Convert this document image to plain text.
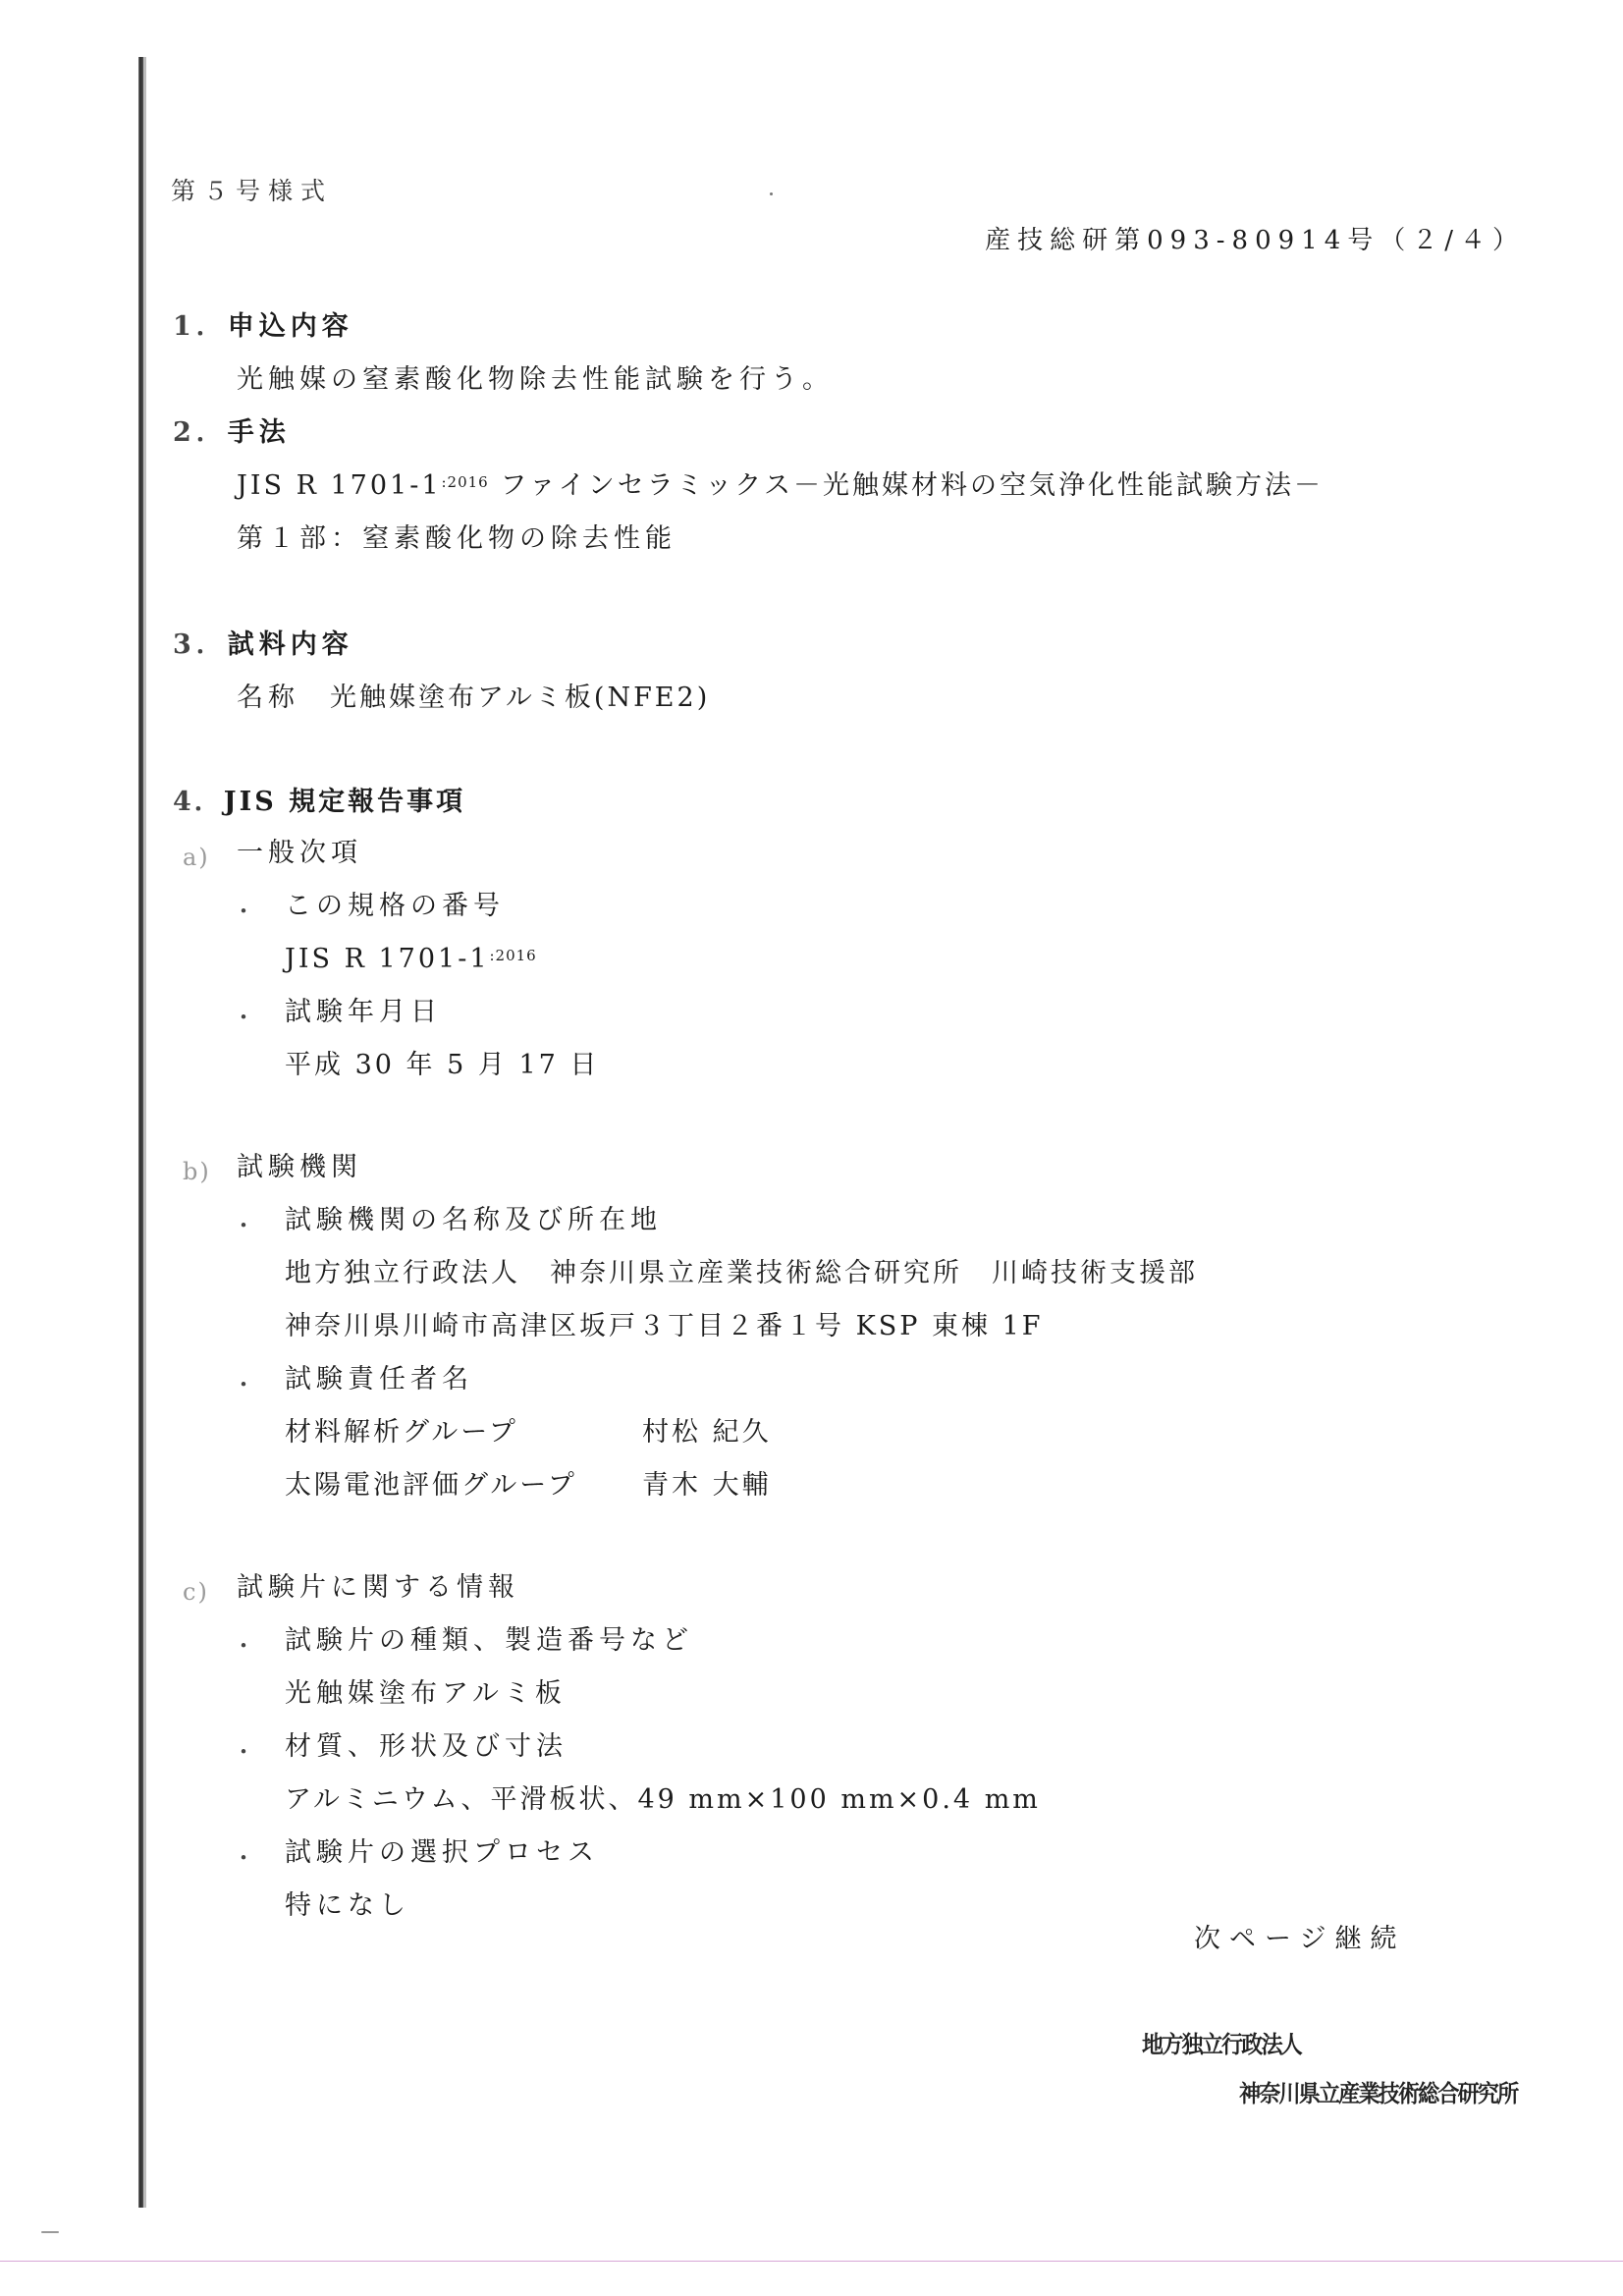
第５号様式
産技総研第093-80914号（２/４）
1．申込内容
光触媒の窒素酸化物除去性能試験を行う。
2．手法
JIS R $1701-1^{:2016}$ ファインセラミックス－光触媒材料の空気浄化性能試験方法－
第１部：窒素酸化物の除去性能
3．試料内容
名称 光触媒塗布アルミ板(NFE2)
4．JIS 規定報告事項
a) 一般次項
・ この規格の番号
JIS R $1701-1^{:2016}$
・ 試験年月日
平成 30 年 5 月 17 日
b) 試験機関
・ 試験機関の名称及び所在地
地方独立行政法人　神奈川県立産業技術総合研究所　川崎技術支援部
神奈川県川崎市高津区坂戸３丁目２番１号 KSP 東棟 1F
・ 試験責任者名
材料解析グループ	村松 紀久
太陽電池評価グループ 青木 大輔
c) 試験片に関する情報
・ 試験片の種類、製造番号など
光触媒塗布アルミ板
・ 材質、形状及び寸法
アルミニウム、平滑板状、49 mm×100 mm×0.4 mm
・ 試験片の選択プロセス
特になし
次ページ継続
地方独立行政法人
神奈川県立産業技術総合研究所
